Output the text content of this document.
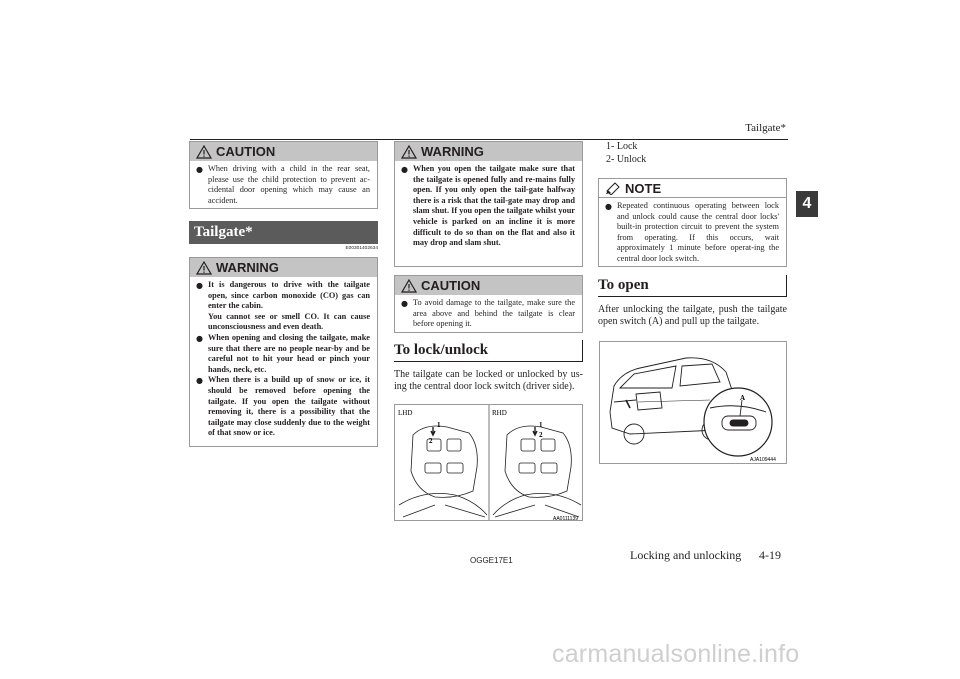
Tailgate*
4
CAUTION
● When driving with a child in the rear seat, please use the child protection to prevent ac-cidental door opening which may cause an accident.
Tailgate*
E00301402634
WARNING
● It is dangerous to drive with the tailgate open, since carbon monoxide (CO) gas can enter the cabin.

You cannot see or smell CO. It can cause unconsciousness and even death.

● When opening and closing the tailgate, make sure that there are no people near-by and be careful not to hit your head or pinch your hands, neck, etc.

● When there is a build up of snow or ice, it should be removed before opening the tailgate. If you open the tailgate without removing it, there is a possibility that the tailgate may close suddenly due to the weight of that snow or ice.

WARNING
● When you open the tailgate make sure that the tailgate is opened fully and re-mains fully open. If you only open the tail-gate halfway there is a risk that the tail-gate may drop and slam shut. If you open the tailgate whilst your vehicle is parked on an incline it is more difficult to do so than on the flat and also it may drop and slam shut.
CAUTION
● To avoid damage to the tailgate, make sure the area above and behind the tailgate is clear before opening it.
To lock/unlock
The tailgate can be locked or unlocked by us-ing the central door lock switch (driver side).
LHD	RHD
1
2
1
2
AA0111139
1- Lock
2- Unlock
NOTE
● Repeated continuous operating between lock and unlock could cause the central door locks' built-in protection circuit to prevent the system from operating. If this occurs, wait approximately 1 minute before operat-ing the central door lock switch.
To open
After unlocking the tailgate, push the tailgate open switch (A) and pull up the tailgate.
A
AJA109444
OGGE17E1	Locking and unlocking 4-19
carmanualsonline.info
